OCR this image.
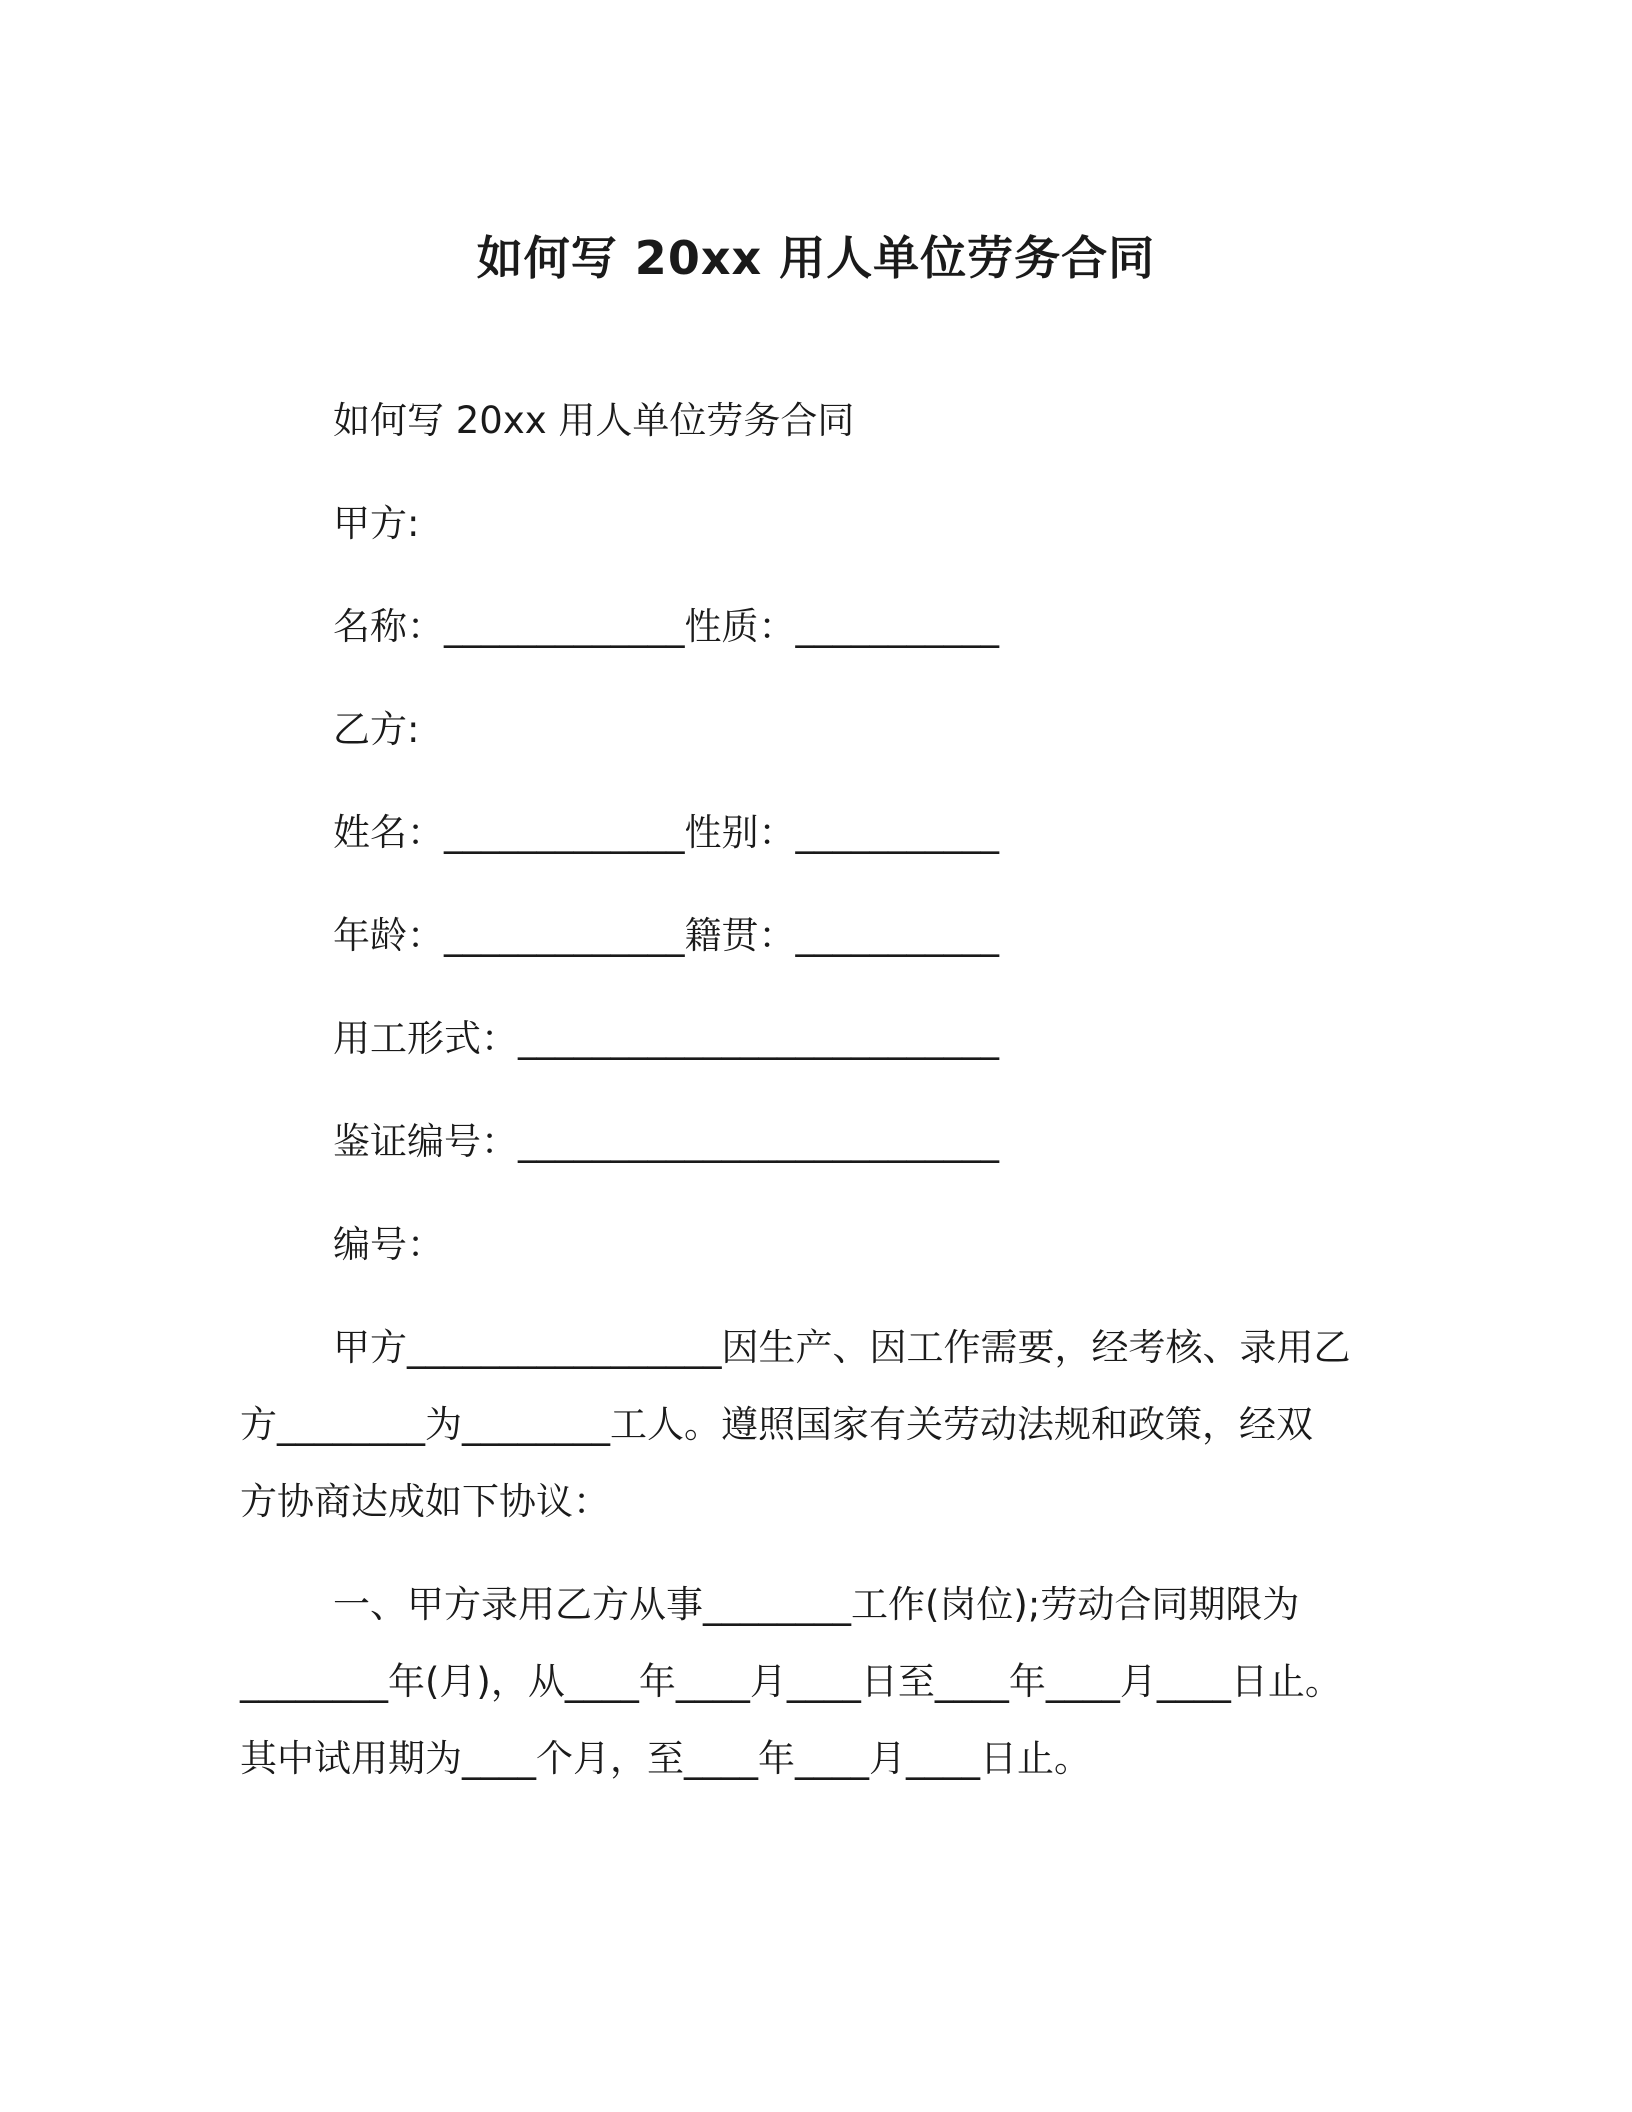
如何写 20xx 用人单位劳务合同
如何写 20xx 用人单位劳务合同
甲方:
名称：_____________性质：___________
乙方:
姓名：_____________性别：___________
年龄：_____________籍贯：___________
用工形式：__________________________
鉴证编号：__________________________
编号：
甲方_________________因生产、因工作需要，经考核、录用乙
方________为________工人。遵照国家有关劳动法规和政策，经双
方协商达成如下协议：
一、甲方录用乙方从事________工作(岗位);劳动合同期限为
________年(月)，从____年____月____日至____年____月____日止。
其中试用期为____个月，至____年____月____日止。
